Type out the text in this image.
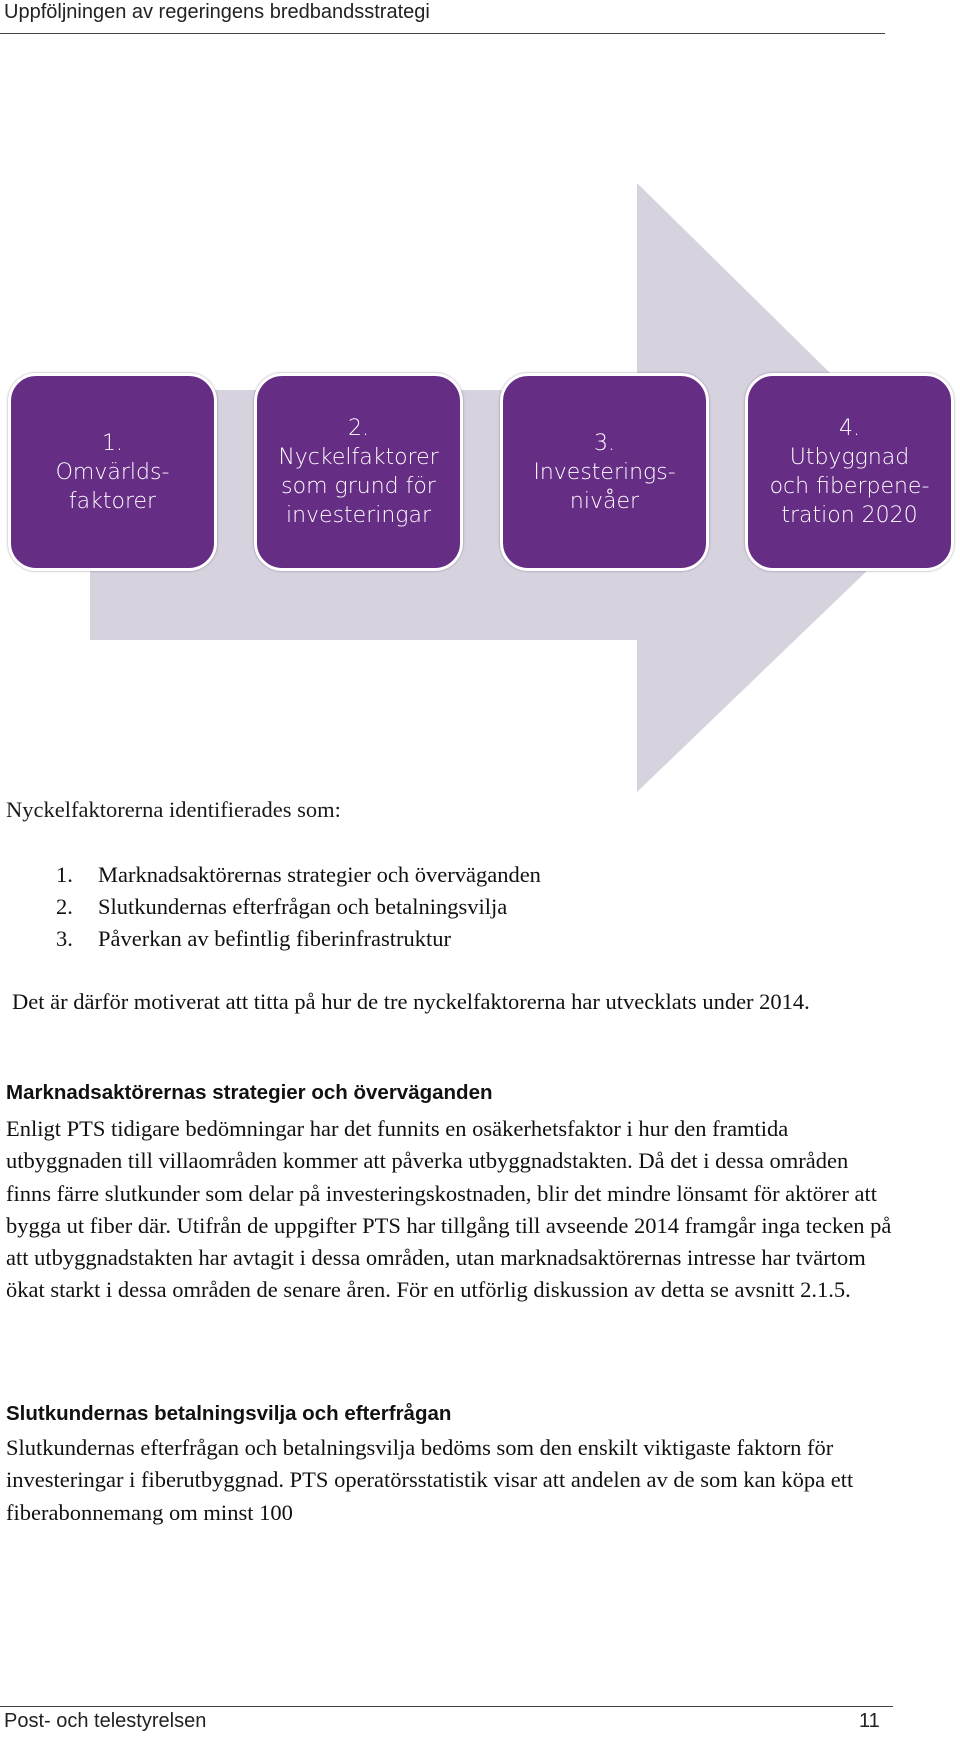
Uppföljningen av regeringens bredbandsstrategi
1.
Omvärlds-
faktorer
2.
Nyckelfaktorer
som grund för
investeringar
3.
Investerings-
nivåer
4.
Utbyggnad
och fiberpene-
tration 2020
Nyckelfaktorerna identifierades som:
1.	Marknadsaktörernas strategier och överväganden
2.	Slutkundernas efterfrågan och betalningsvilja
3.	Påverkan av befintlig fiberinfrastruktur

Det är därför motiverat att titta på hur de tre nyckelfaktorerna har utvecklats under 2014.

Marknadsaktörernas strategier och överväganden

Enligt PTS tidigare bedömningar har det funnits en osäkerhetsfaktor i hur den framtida utbyggnaden till villaområden kommer att påverka utbyggnadstakten. Då det i dessa områden finns färre slutkunder som delar på investeringskostnaden, blir det mindre lönsamt för aktörer att bygga ut fiber där. Utifrån de uppgifter PTS har tillgång till avseende 2014 framgår inga tecken på att utbyggnadstakten har avtagit i dessa områden, utan marknadsaktörernas intresse har tvärtom ökat starkt i dessa områden de senare åren. För en utförlig diskussion av detta se avsnitt 2.1.5.

Slutkundernas betalningsvilja och efterfrågan

Slutkundernas efterfrågan och betalningsvilja bedöms som den enskilt viktigaste faktorn för investeringar i fiberutbyggnad. PTS operatörsstatistik visar att andelen av de som kan köpa ett fiberabonnemang om minst 100

Post- och telestyrelsen	11
